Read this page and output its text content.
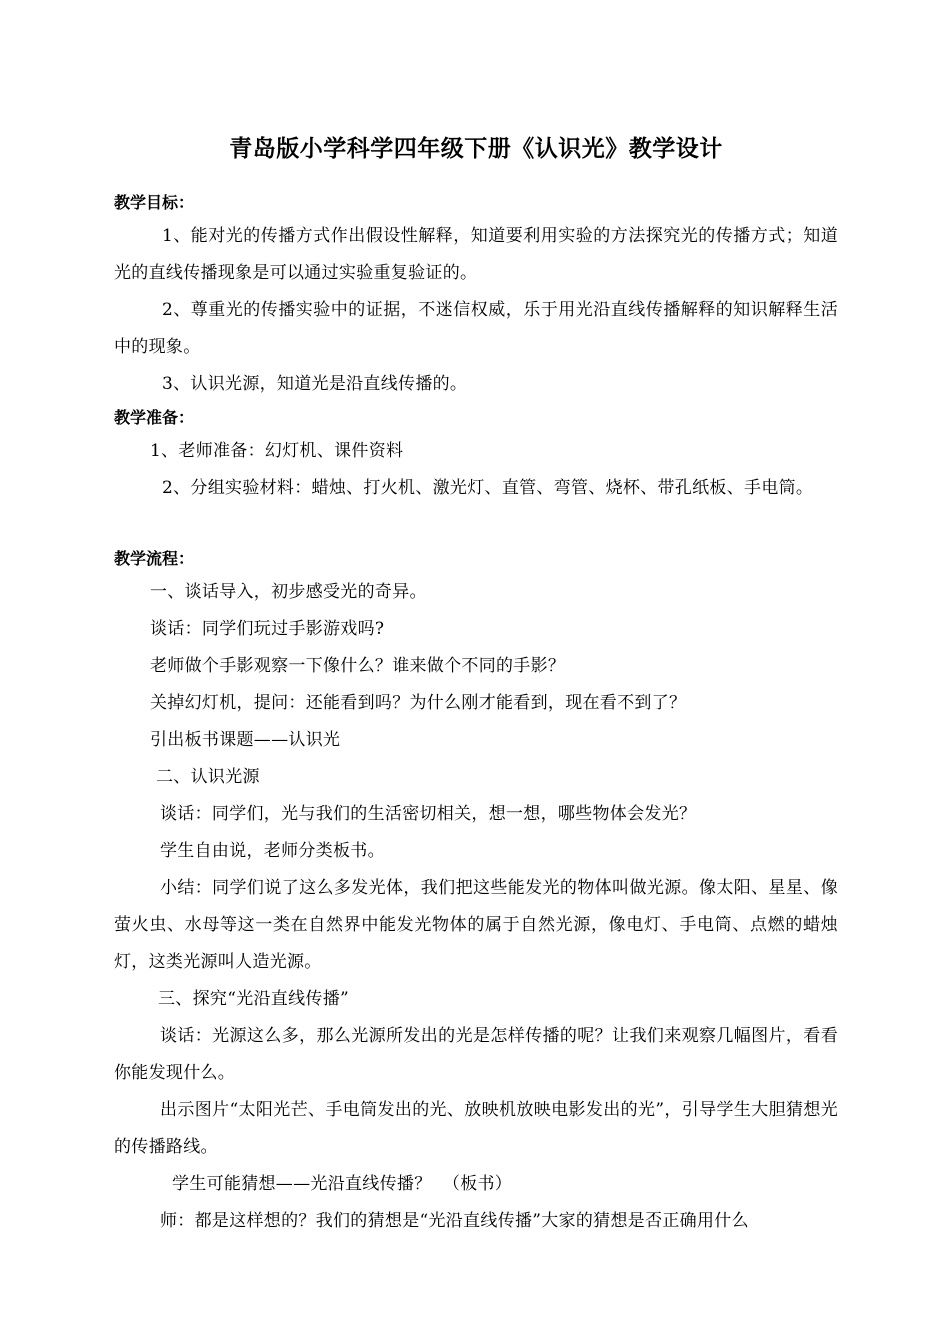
青岛版小学科学四年级下册《认识光》教学设计
教学目标：

1、能对光的传播方式作出假设性解释，知道要利用实验的方法探究光的传播方式；知道光的直线传播现象是可以通过实验重复验证的。

2、尊重光的传播实验中的证据，不迷信权威，乐于用光沿直线传播解释的知识解释生活中的现象。

3、认识光源，知道光是沿直线传播的。

教学准备：

1、老师准备：幻灯机、课件资料

2、分组实验材料：蜡烛、打火机、激光灯、直管、弯管、烧杯、带孔纸板、手电筒。

教学流程：

一、谈话导入，初步感受光的奇异。

谈话：同学们玩过手影游戏吗?

老师做个手影观察一下像什么？谁来做个不同的手影？

关掉幻灯机，提问：还能看到吗？为什么刚才能看到，现在看不到了？

引出板书课题——认识光

二、认识光源

谈话：同学们，光与我们的生活密切相关，想一想，哪些物体会发光？

学生自由说，老师分类板书。

小结：同学们说了这么多发光体，我们把这些能发光的物体叫做光源。像太阳、星星、像萤火虫、水母等这一类在自然界中能发光物体的属于自然光源，像电灯、手电筒、点燃的蜡烛灯，这类光源叫人造光源。

三、探究“光沿直线传播”

谈话：光源这么多，那么光源所发出的光是怎样传播的呢？让我们来观察几幅图片，看看你能发现什么。

出示图片“太阳光芒、手电筒发出的光、放映机放映电影发出的光”，引导学生大胆猜想光的传播路线。

学生可能猜想——光沿直线传播？  （板书）

师：都是这样想的？我们的猜想是“光沿直线传播”大家的猜想是否正确用什么
